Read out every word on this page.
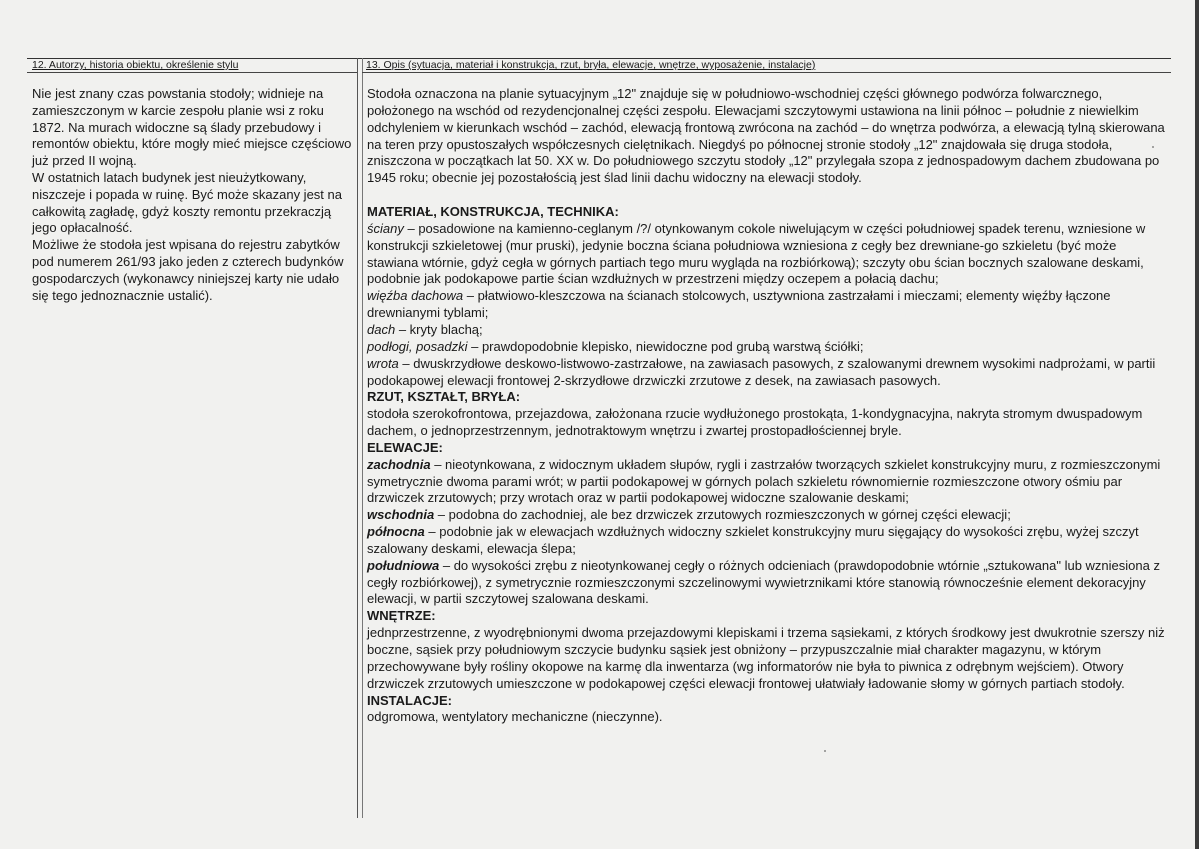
12. Autorzy, historia obiektu, określenie stylu	13. Opis (sytuacja, materiał i konstrukcja, rzut, bryła, elewacje, wnętrze, wyposażenie, instalacje)

Nie jest znany czas powstania stodoły; widnieje na zamieszczonym w karcie zespołu planie wsi z roku 1872. Na murach widoczne są ślady przebudowy i remontów obiektu, które mogły mieć miejsce częściowo już przed II wojną.

W ostatnich latach budynek jest nieużytkowany, niszczeje i popada w ruinę. Być może skazany jest na całkowitą zagładę, gdyż koszty remontu przekraczją jego opłacalność.

Możliwe że stodoła jest wpisana do rejestru zabytków pod numerem 261/93 jako jeden z czterech budynków gospodarczych (wykonawcy niniejszej karty nie udało się tego jednoznacznie ustalić).

Stodoła oznaczona na planie sytuacyjnym „12" znajduje się w południowo-wschodniej części głównego podwórza folwarcznego, położonego na wschód od rezydencjonalnej części zespołu. Elewacjami szczytowymi ustawiona na linii północ – południe z niewielkim odchyleniem w kierunkach wschód – zachód, elewacją frontową zwrócona na zachód – do wnętrza podwórza, a elewacją tylną skierowana na teren przy opustoszałych współczesnych cielętnikach. Niegdyś po północnej stronie stodoły „12" znajdowała się druga stodoła, zniszczona w początkach lat 50. XX w. Do południowego szczytu stodoły „12" przylegała szopa z jednospadowym dachem zbudowana po 1945 roku; obecnie jej pozostałością jest ślad linii dachu widoczny na elewacji stodoły.

MATERIAŁ, KONSTRUKCJA, TECHNIKA:

ściany – posadowione na kamienno-ceglanym /?/ otynkowanym cokole niwelującym w części południowej spadek terenu, wzniesione w konstrukcji szkieletowej (mur pruski), jedynie boczna ściana południowa wzniesiona z cegły bez drewniane-go szkieletu (być może stawiana wtórnie, gdyż cegła w górnych partiach tego muru wygląda na rozbiórkową); szczyty obu ścian bocznych szalowane deskami, podobnie jak podokapowe partie ścian wzdłużnych w przestrzeni między oczepem a połacią dachu;

więźba dachowa – płatwiowo-kleszczowa na ścianach stolcowych, usztywniona zastrzałami i mieczami; elementy więźby łączone drewnianymi tyblami;

dach – kryty blachą;

podłogi, posadzki – prawdopodobnie klepisko, niewidoczne pod grubą warstwą ściółki;

wrota – dwuskrzydłowe deskowo-listwowo-zastrzałowe, na zawiasach pasowych, z szalowanymi drewnem wysokimi nadprożami, w partii podokapowej elewacji frontowej 2-skrzydłowe drzwiczki zrzutowe z desek, na zawiasach pasowych.

RZUT, KSZTAŁT, BRYŁA:

stodoła szerokofrontowa, przejazdowa, założonana rzucie wydłużonego prostokąta, 1-kondygnacyjna, nakryta stromym dwuspadowym dachem, o jednoprzestrzennym, jednotraktowym wnętrzu i zwartej prostopadłościennej bryle.

ELEWACJE:

zachodnia – nieotynkowana, z widocznym układem słupów, rygli i zastrzałów tworzących szkielet konstrukcyjny muru, z rozmieszczonymi symetrycznie dwoma parami wrót; w partii podokapowej w górnych polach szkieletu równomiernie rozmieszczone otwory ośmiu par drzwiczek zrzutowych; przy wrotach oraz w partii podokapowej widoczne szalowanie deskami;

wschodnia – podobna do zachodniej, ale bez drzwiczek zrzutowych rozmieszczonych w górnej części elewacji;

północna – podobnie jak w elewacjach wzdłużnych widoczny szkielet konstrukcyjny muru sięgający do wysokości zrębu, wyżej szczyt szalowany deskami, elewacja ślepa;

południowa – do wysokości zrębu z nieotynkowanej cegły o różnych odcieniach (prawdopodobnie wtórnie „sztukowana" lub wzniesiona z cegły rozbiórkowej), z symetrycznie rozmieszczonymi szczelinowymi wywietrznikami które stanowią równocześnie element dekoracyjny elewacji, w partii szczytowej szalowana deskami.

WNĘTRZE:

jednprzestrzenne, z wyodrębnionymi dwoma przejazdowymi klepiskami i trzema sąsiekami, z których środkowy jest dwukrotnie szerszy niż boczne, sąsiek przy południowym szczycie budynku sąsiek jest obniżony – przypuszczalnie miał charakter magazynu, w którym przechowywane były rośliny okopowe na karmę dla inwentarza (wg informatorów nie była to piwnica z odrębnym wejściem). Otwory drzwiczek zrzutowych umieszczone w podokapowej części elewacji frontowej ułatwiały ładowanie słomy w górnych partiach stodoły.

INSTALACJE:

odgromowa, wentylatory mechaniczne (nieczynne).
